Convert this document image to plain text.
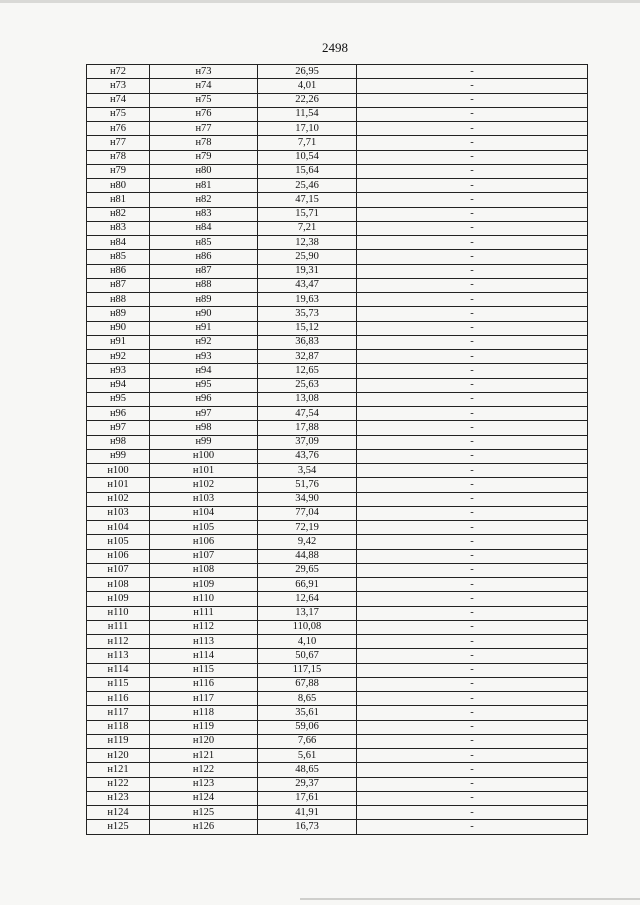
2498
н72	н73	26,95	-
н73	н74	4,01	-
н74	н75	22,26	-
н75	н76	11,54	-
н76	н77	17,10	-
н77	н78	7,71	-
н78	н79	10,54	-
н79	н80	15,64	-
н80	н81	25,46	-
н81	н82	47,15	-
н82	н83	15,71	-
н83	н84	7,21	-
н84	н85	12,38	-
н85	н86	25,90	-
н86	н87	19,31	-
н87	н88	43,47	-
н88	н89	19,63	-
н89	н90	35,73	-
н90	н91	15,12	-
н91	н92	36,83	-
н92	н93	32,87	-
н93	н94	12,65	-
н94	н95	25,63	-
н95	н96	13,08	-
н96	н97	47,54	-
н97	н98	17,88	-
н98	н99	37,09	-
н99	н100	43,76	-
н100	н101	3,54	-
н101	н102	51,76	-
н102	н103	34,90	-
н103	н104	77,04	-
н104	н105	72,19	-
н105	н106	9,42	-
н106	н107	44,88	-
н107	н108	29,65	-
н108	н109	66,91	-
н109	н110	12,64	-
н110	н111	13,17	-
н111	н112	110,08	-
н112	н113	4,10	-
н113	н114	50,67	-
н114	н115	117,15	-
н115	н116	67,88	-
н116	н117	8,65	-
н117	н118	35,61	-
н118	н119	59,06	-
н119	н120	7,66	-
н120	н121	5,61	-
н121	н122	48,65	-
н122	н123	29,37	-
н123	н124	17,61	-
н124	н125	41,91	-
н125	н126	16,73	-
